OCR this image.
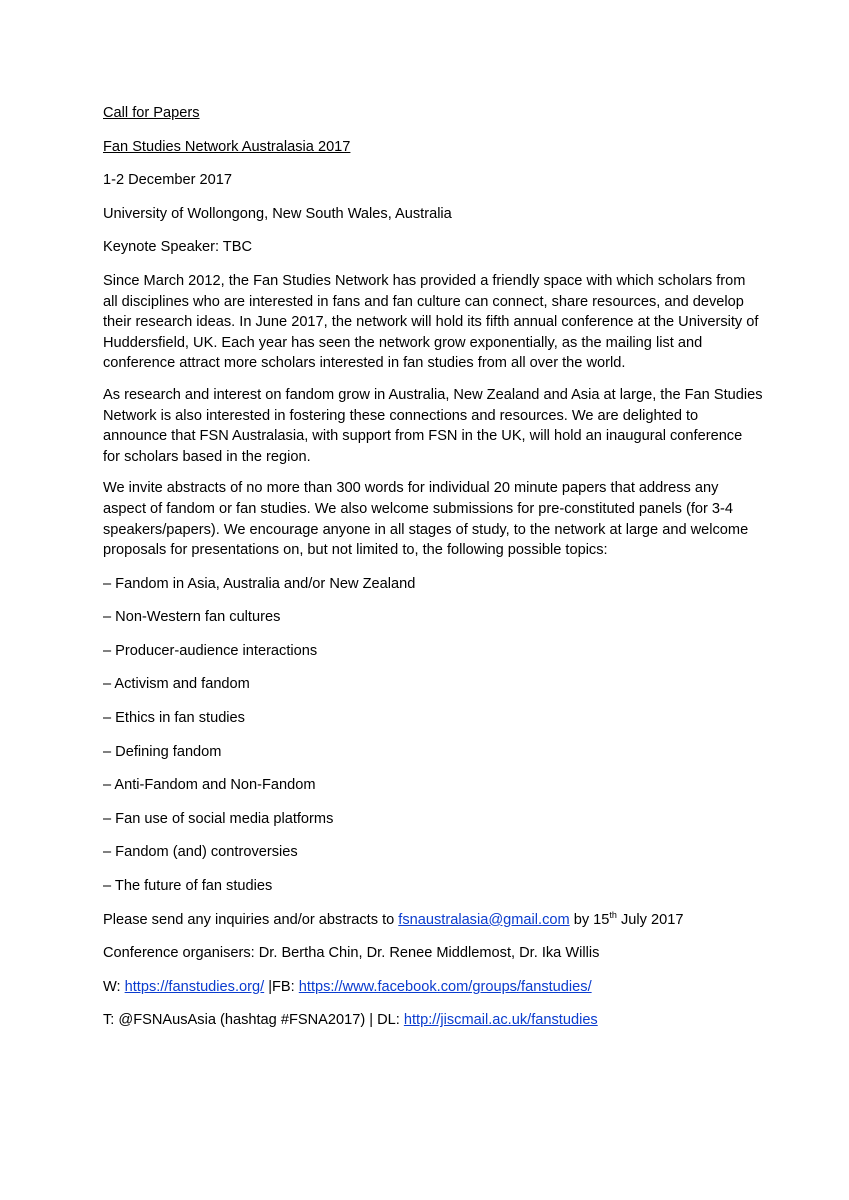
Call for Papers

Fan Studies Network Australasia 2017

1-2 December 2017

University of Wollongong, New South Wales, Australia

Keynote Speaker: TBC

Since March 2012, the Fan Studies Network has provided a friendly space with which scholars from all disciplines who are interested in fans and fan culture can connect, share resources, and develop their research ideas. In June 2017, the network will hold its fifth annual conference at the University of Huddersfield, UK. Each year has seen the network grow exponentially, as the mailing list and conference attract more scholars interested in fan studies from all over the world.

As research and interest on fandom grow in Australia, New Zealand and Asia at large, the Fan Studies Network is also interested in fostering these connections and resources. We are delighted to announce that FSN Australasia, with support from FSN in the UK, will hold an inaugural conference for scholars based in the region.

We invite abstracts of no more than 300 words for individual 20 minute papers that address any aspect of fandom or fan studies. We also welcome submissions for pre-constituted panels (for 3-4 speakers/papers). We encourage anyone in all stages of study, to the network at large and welcome proposals for presentations on, but not limited to, the following possible topics:

– Fandom in Asia, Australia and/or New Zealand

– Non-Western fan cultures

– Producer-audience interactions

– Activism and fandom

– Ethics in fan studies

– Defining fandom

– Anti-Fandom and Non-Fandom

– Fan use of social media platforms

– Fandom (and) controversies

– The future of fan studies

Please send any inquiries and/or abstracts to fsnaustralasia@gmail.com by 15th July 2017

Conference organisers: Dr. Bertha Chin, Dr. Renee Middlemost, Dr. Ika Willis

W: https://fanstudies.org/ |FB: https://www.facebook.com/groups/fanstudies/

T: @FSNAusAsia (hashtag #FSNA2017) | DL: http://jiscmail.ac.uk/fanstudies
